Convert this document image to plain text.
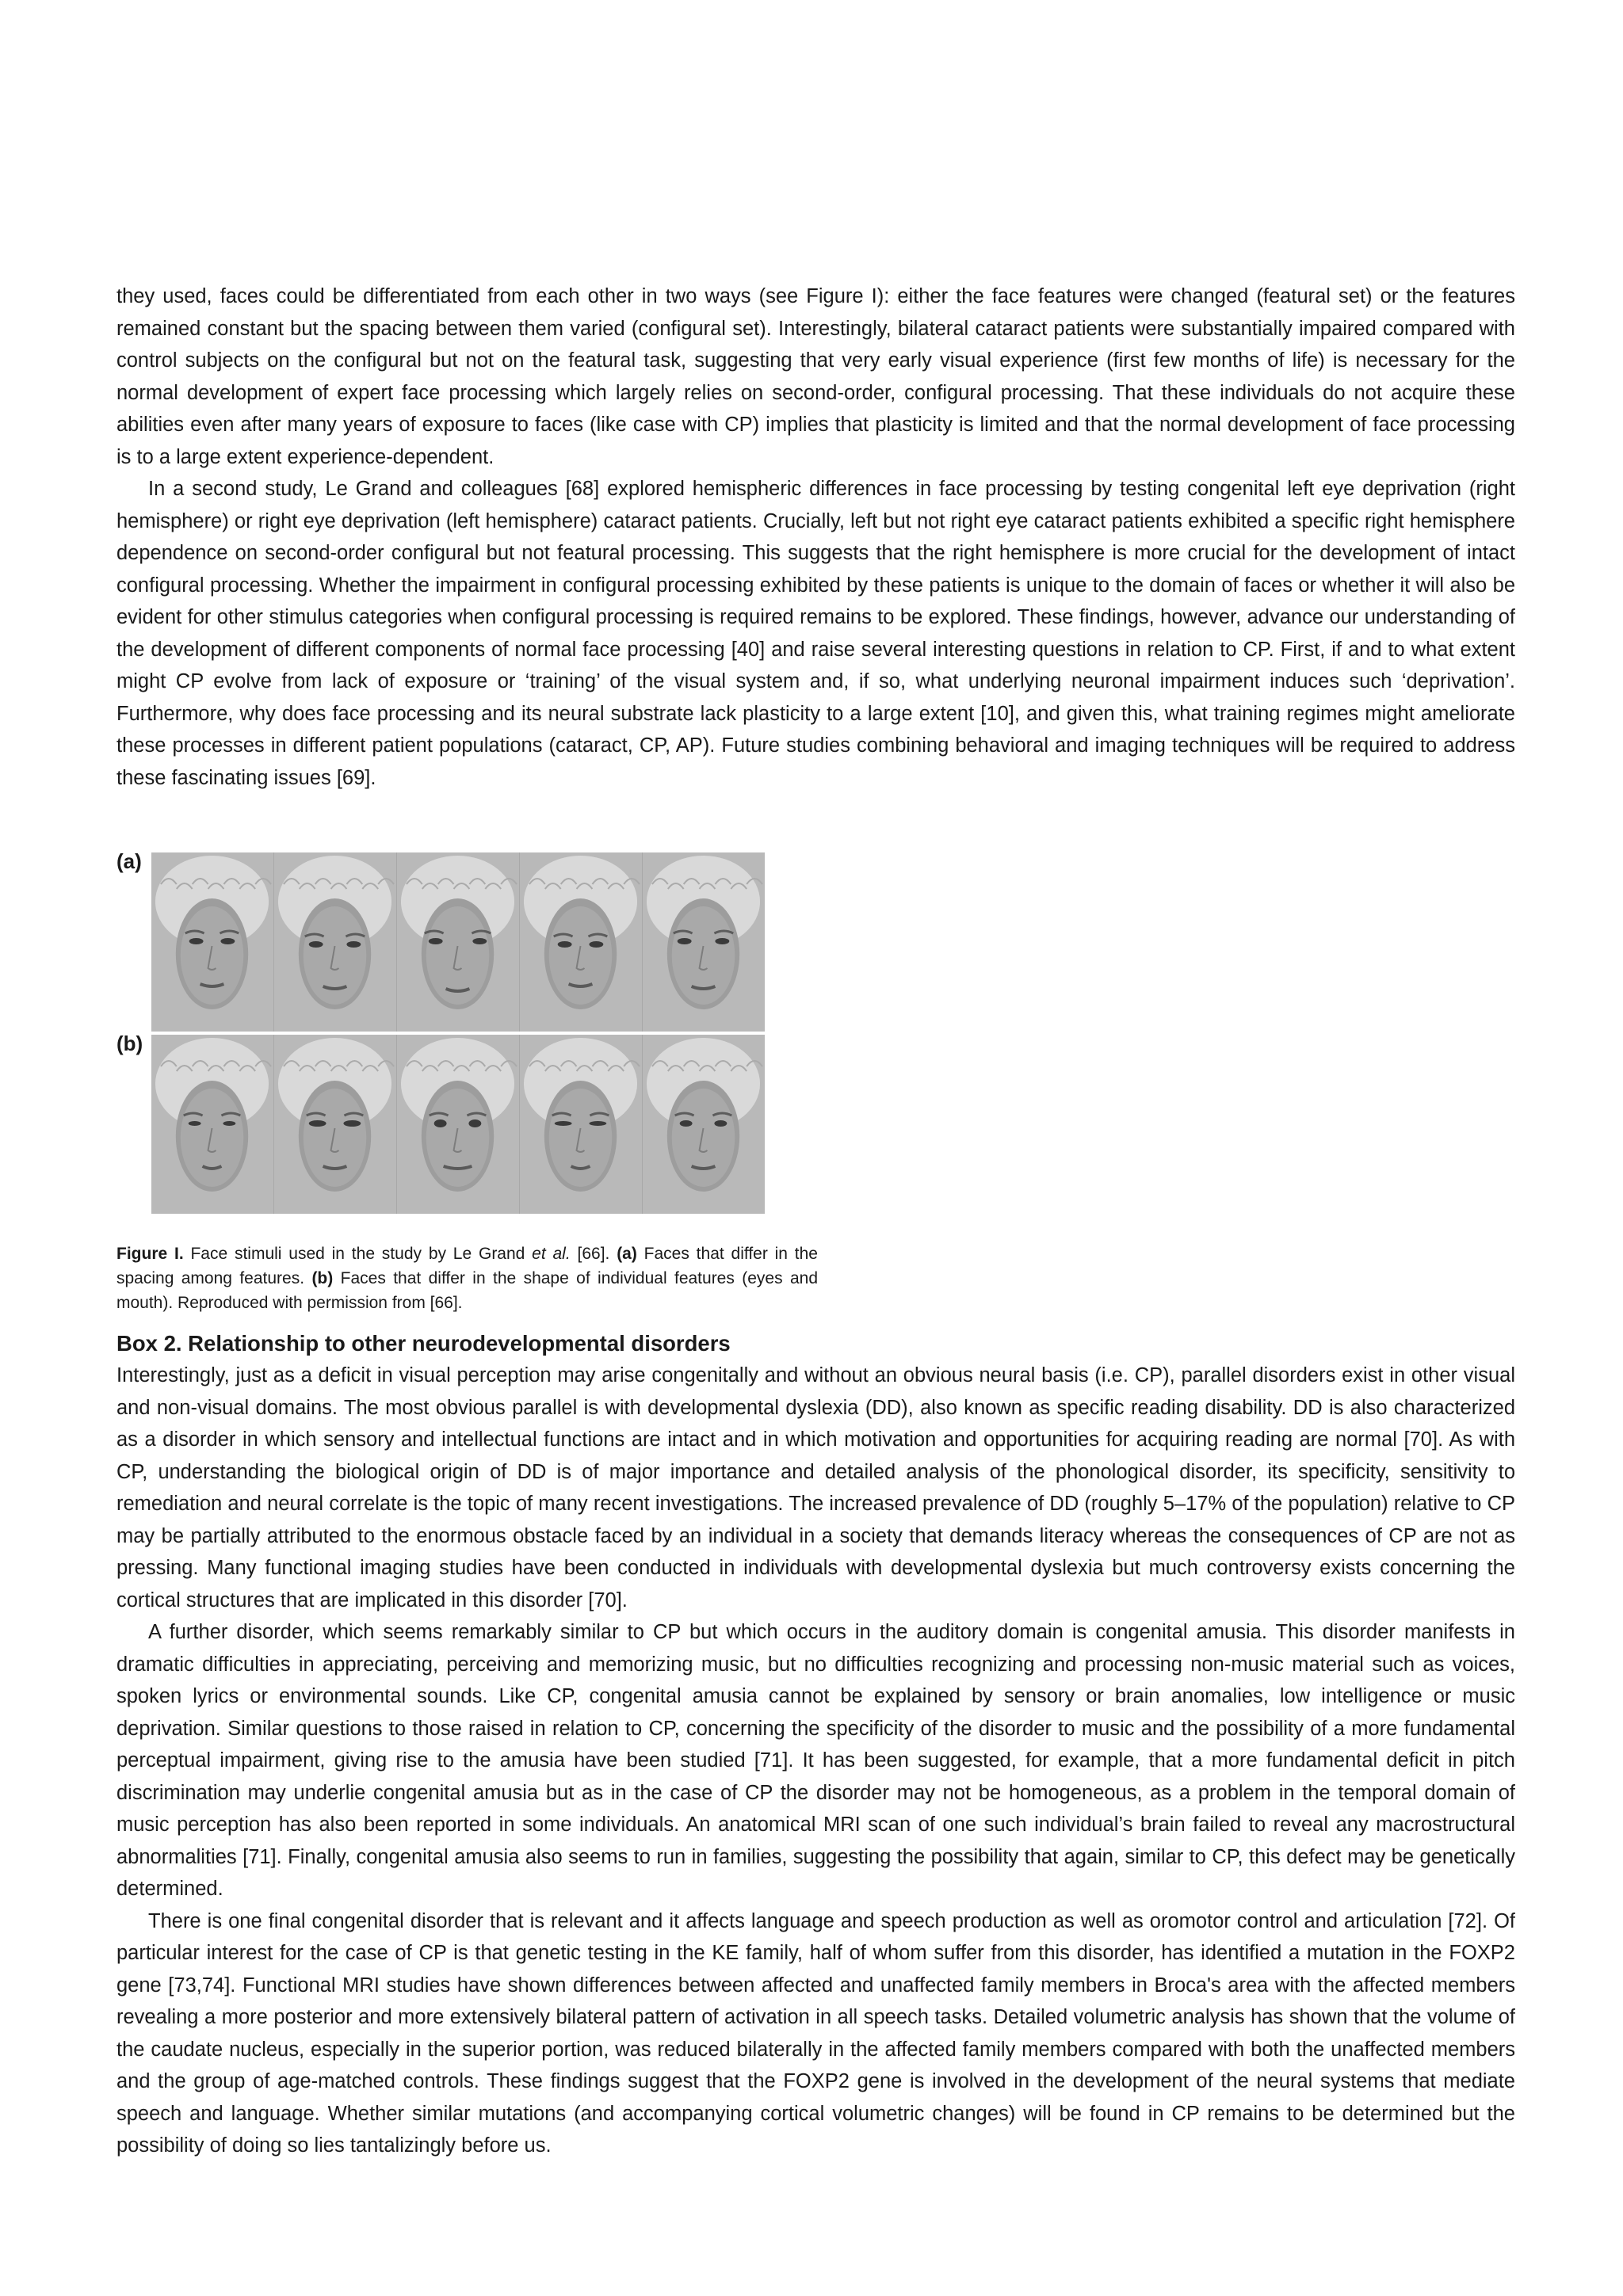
they used, faces could be differentiated from each other in two ways (see Figure I): either the face features were changed (featural set) or the features remained constant but the spacing between them varied (configural set). Interestingly, bilateral cataract patients were substantially impaired compared with control subjects on the configural but not on the featural task, suggesting that very early visual experience (first few months of life) is necessary for the normal development of expert face processing which largely relies on second-order, configural processing. That these individuals do not acquire these abilities even after many years of exposure to faces (like case with CP) implies that plasticity is limited and that the normal development of face processing is to a large extent experience-dependent.

In a second study, Le Grand and colleagues [68] explored hemispheric differences in face processing by testing congenital left eye deprivation (right hemisphere) or right eye deprivation (left hemisphere) cataract patients. Crucially, left but not right eye cataract patients exhibited a specific right hemisphere dependence on second-order configural but not featural processing. This suggests that the right hemisphere is more crucial for the development of intact configural processing. Whether the impairment in configural processing exhibited by these patients is unique to the domain of faces or whether it will also be evident for other stimulus categories when configural processing is required remains to be explored. These findings, however, advance our understanding of the development of different components of normal face processing [40] and raise several interesting questions in relation to CP. First, if and to what extent might CP evolve from lack of exposure or ‘training’ of the visual system and, if so, what underlying neuronal impairment induces such ‘deprivation’. Furthermore, why does face processing and its neural substrate lack plasticity to a large extent [10], and given this, what training regimes might ameliorate these processes in different patient populations (cataract, CP, AP). Future studies combining behavioral and imaging techniques will be required to address these fascinating issues [69].

(a)
(b)
Figure I. Face stimuli used in the study by Le Grand et al. [66]. (a) Faces that differ in the spacing among features. (b) Faces that differ in the shape of individual features (eyes and mouth). Reproduced with permission from [66].
Box 2. Relationship to other neurodevelopmental disorders

Interestingly, just as a deficit in visual perception may arise congenitally and without an obvious neural basis (i.e. CP), parallel disorders exist in other visual and non-visual domains. The most obvious parallel is with developmental dyslexia (DD), also known as specific reading disability. DD is also characterized as a disorder in which sensory and intellectual functions are intact and in which motivation and opportunities for acquiring reading are normal [70]. As with CP, understanding the biological origin of DD is of major importance and detailed analysis of the phonological disorder, its specificity, sensitivity to remediation and neural correlate is the topic of many recent investigations. The increased prevalence of DD (roughly 5–17% of the population) relative to CP may be partially attributed to the enormous obstacle faced by an individual in a society that demands literacy whereas the consequences of CP are not as pressing. Many functional imaging studies have been conducted in individuals with developmental dyslexia but much controversy exists concerning the cortical structures that are implicated in this disorder [70].

A further disorder, which seems remarkably similar to CP but which occurs in the auditory domain is congenital amusia. This disorder manifests in dramatic difficulties in appreciating, perceiving and memorizing music, but no difficulties recognizing and processing non-music material such as voices, spoken lyrics or environmental sounds. Like CP, congenital amusia cannot be explained by sensory or brain anomalies, low intelligence or music deprivation. Similar questions to those raised in relation to CP, concerning the specificity of the disorder to music and the possibility of a more fundamental perceptual impairment, giving rise to the amusia have been studied [71]. It has been suggested, for example, that a more fundamental deficit in pitch discrimination may underlie congenital amusia but as in the case of CP the disorder may not be homogeneous, as a problem in the temporal domain of music perception has also been reported in some individuals. An anatomical MRI scan of one such individual’s brain failed to reveal any macrostructural abnormalities [71]. Finally, congenital amusia also seems to run in families, suggesting the possibility that again, similar to CP, this defect may be genetically determined.

There is one final congenital disorder that is relevant and it affects language and speech production as well as oromotor control and articulation [72]. Of particular interest for the case of CP is that genetic testing in the KE family, half of whom suffer from this disorder, has identified a mutation in the FOXP2 gene [73,74]. Functional MRI studies have shown differences between affected and unaffected family members in Broca's area with the affected members revealing a more posterior and more extensively bilateral pattern of activation in all speech tasks. Detailed volumetric analysis has shown that the volume of the caudate nucleus, especially in the superior portion, was reduced bilaterally in the affected family members compared with both the unaffected members and the group of age-matched controls. These findings suggest that the FOXP2 gene is involved in the development of the neural systems that mediate speech and language. Whether similar mutations (and accompanying cortical volumetric changes) will be found in CP remains to be determined but the possibility of doing so lies tantalizingly before us.
